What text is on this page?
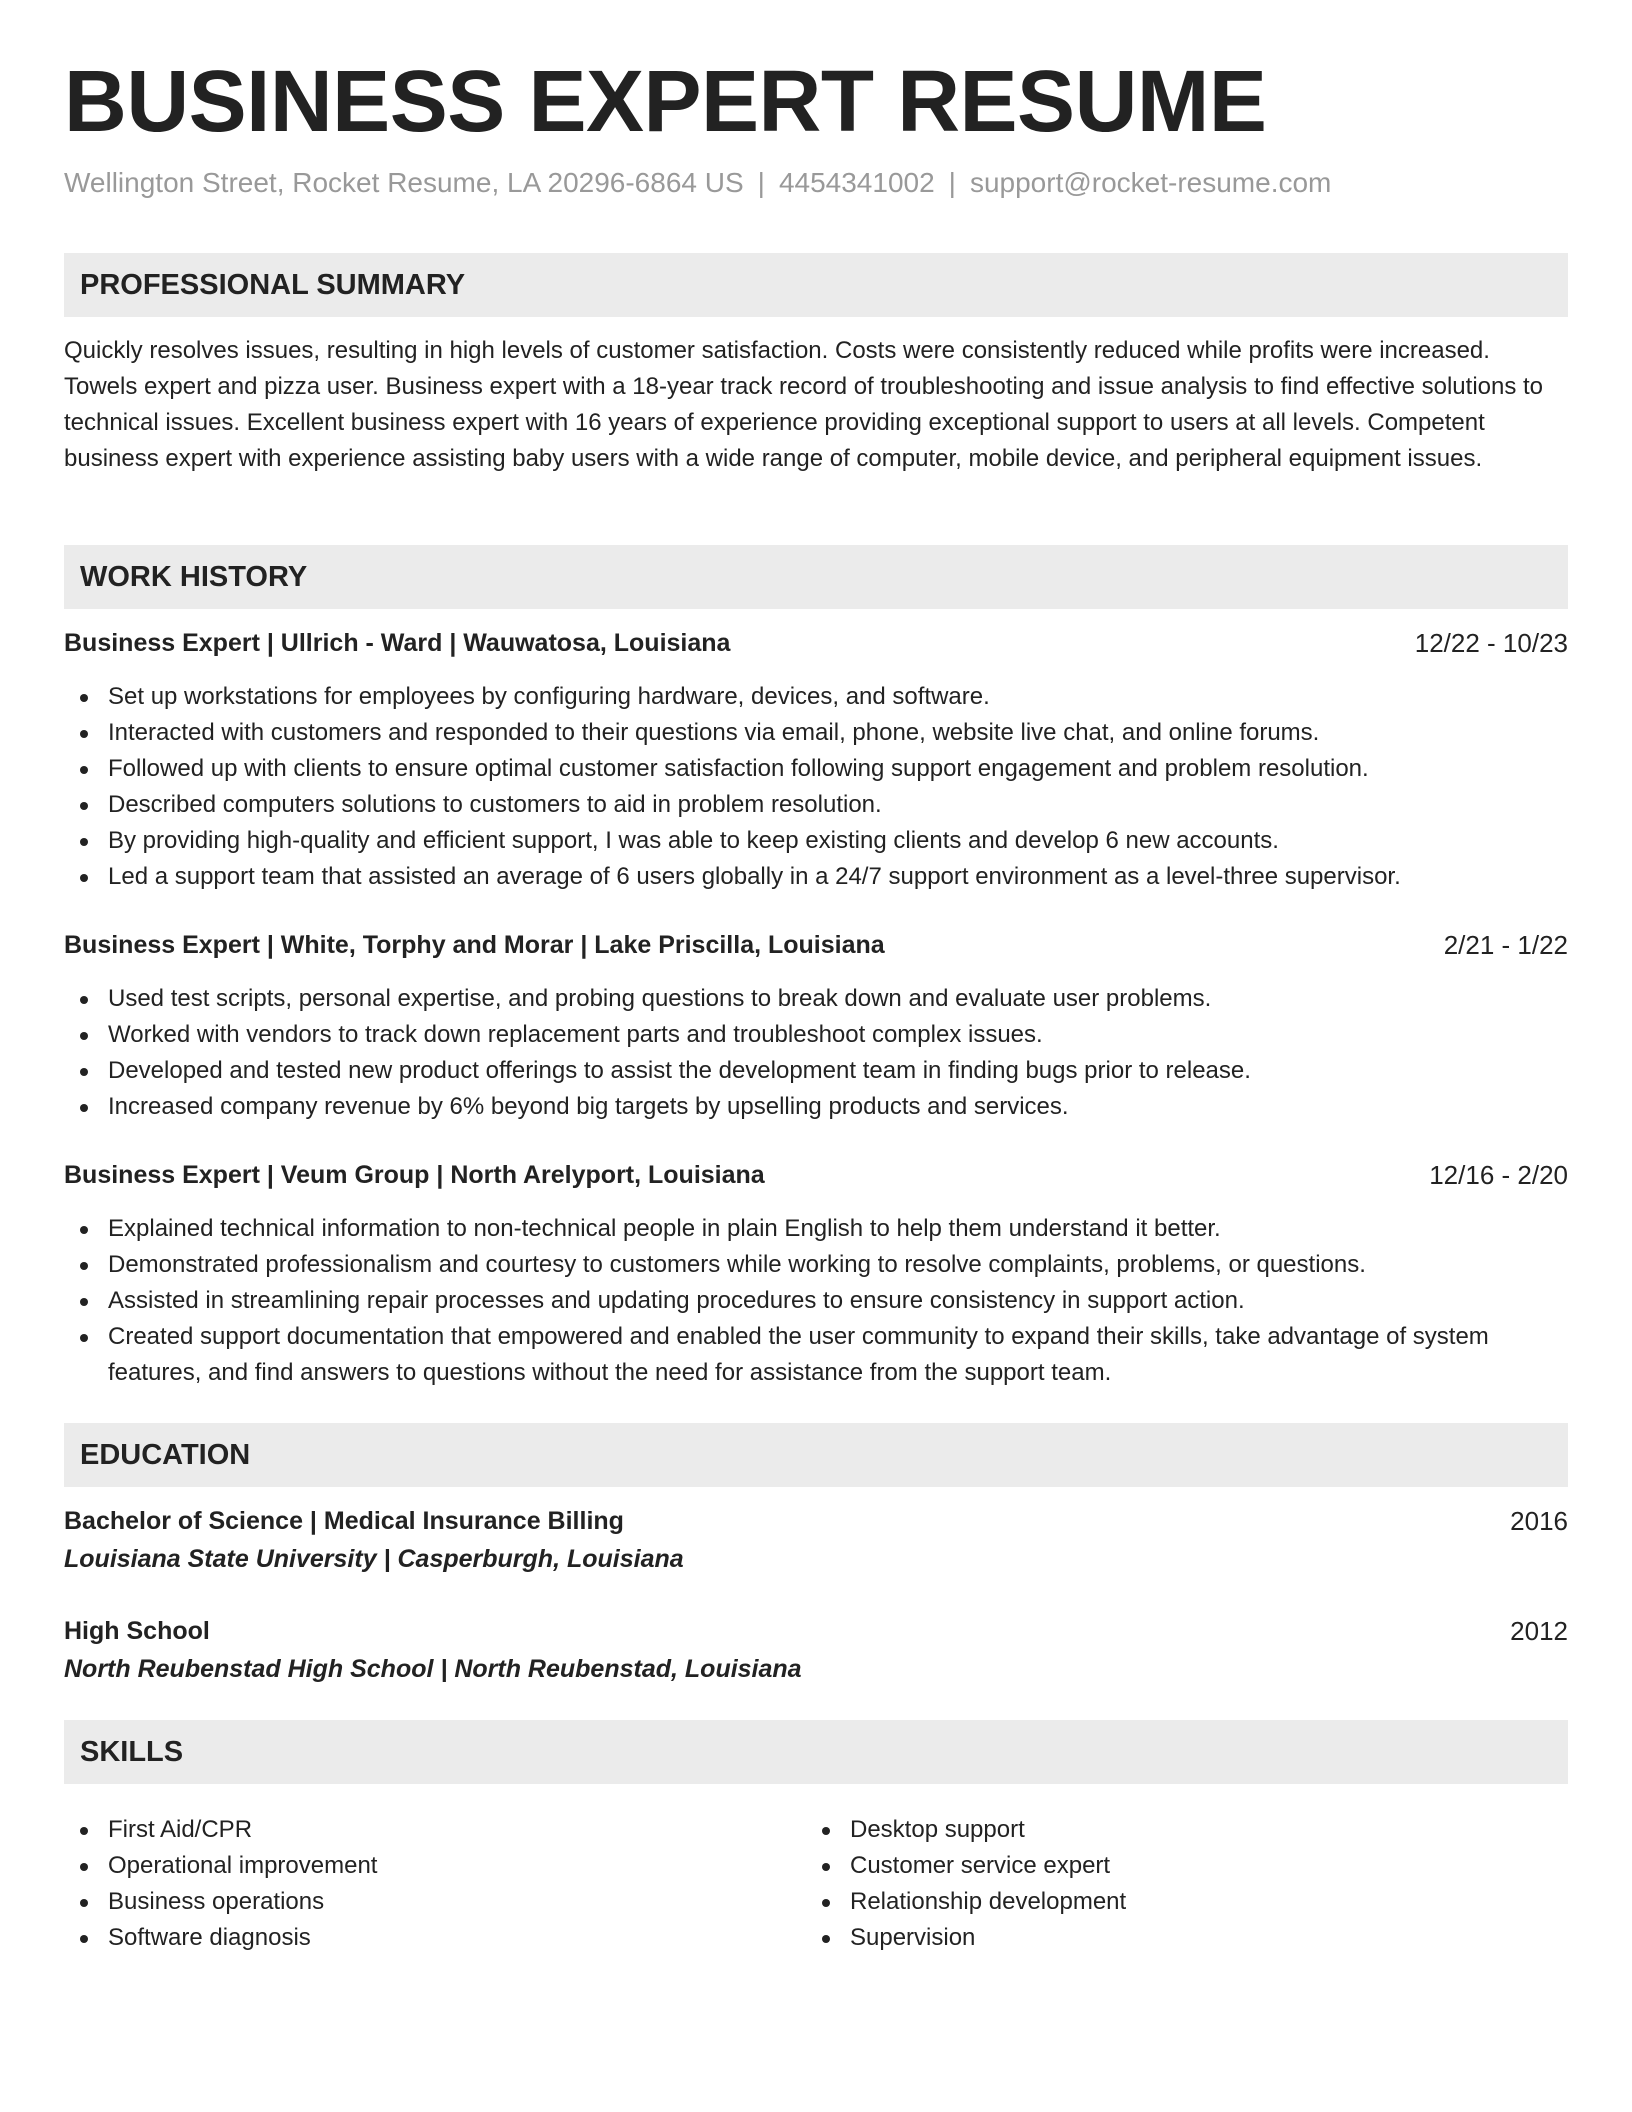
BUSINESS EXPERT RESUME
Wellington Street, Rocket Resume, LA 20296-6864 US | 4454341002 | support@rocket-resume.com
PROFESSIONAL SUMMARY

Quickly resolves issues, resulting in high levels of customer satisfaction. Costs were consistently reduced while profits were increased. Towels expert and pizza user. Business expert with a 18-year track record of troubleshooting and issue analysis to find effective solutions to technical issues. Excellent business expert with 16 years of experience providing exceptional support to users at all levels. Competent business expert with experience assisting baby users with a wide range of computer, mobile device, and peripheral equipment issues.

WORK HISTORY
Business Expert | Ullrich - Ward | Wauwatosa, Louisiana	12/22 - 10/23
Set up workstations for employees by configuring hardware, devices, and software.
Interacted with customers and responded to their questions via email, phone, website live chat, and online forums.
Followed up with clients to ensure optimal customer satisfaction following support engagement and problem resolution.
Described computers solutions to customers to aid in problem resolution.
By providing high-quality and efficient support, I was able to keep existing clients and develop 6 new accounts.
Led a support team that assisted an average of 6 users globally in a 24/7 support environment as a level-three supervisor.
Business Expert | White, Torphy and Morar | Lake Priscilla, Louisiana	2/21 - 1/22
Used test scripts, personal expertise, and probing questions to break down and evaluate user problems.
Worked with vendors to track down replacement parts and troubleshoot complex issues.
Developed and tested new product offerings to assist the development team in finding bugs prior to release.
Increased company revenue by 6% beyond big targets by upselling products and services.
Business Expert | Veum Group | North Arelyport, Louisiana	12/16 - 2/20
Explained technical information to non-technical people in plain English to help them understand it better.
Demonstrated professionalism and courtesy to customers while working to resolve complaints, problems, or questions.
Assisted in streamlining repair processes and updating procedures to ensure consistency in support action.
Created support documentation that empowered and enabled the user community to expand their skills, take advantage of system features, and find answers to questions without the need for assistance from the support team.
EDUCATION
Bachelor of Science | Medical Insurance Billing	2016
Louisiana State University | Casperburgh, Louisiana
High School	2012
North Reubenstad High School | North Reubenstad, Louisiana
SKILLS
First Aid/CPR
Operational improvement
Business operations
Software diagnosis
Desktop support
Customer service expert
Relationship development
Supervision
